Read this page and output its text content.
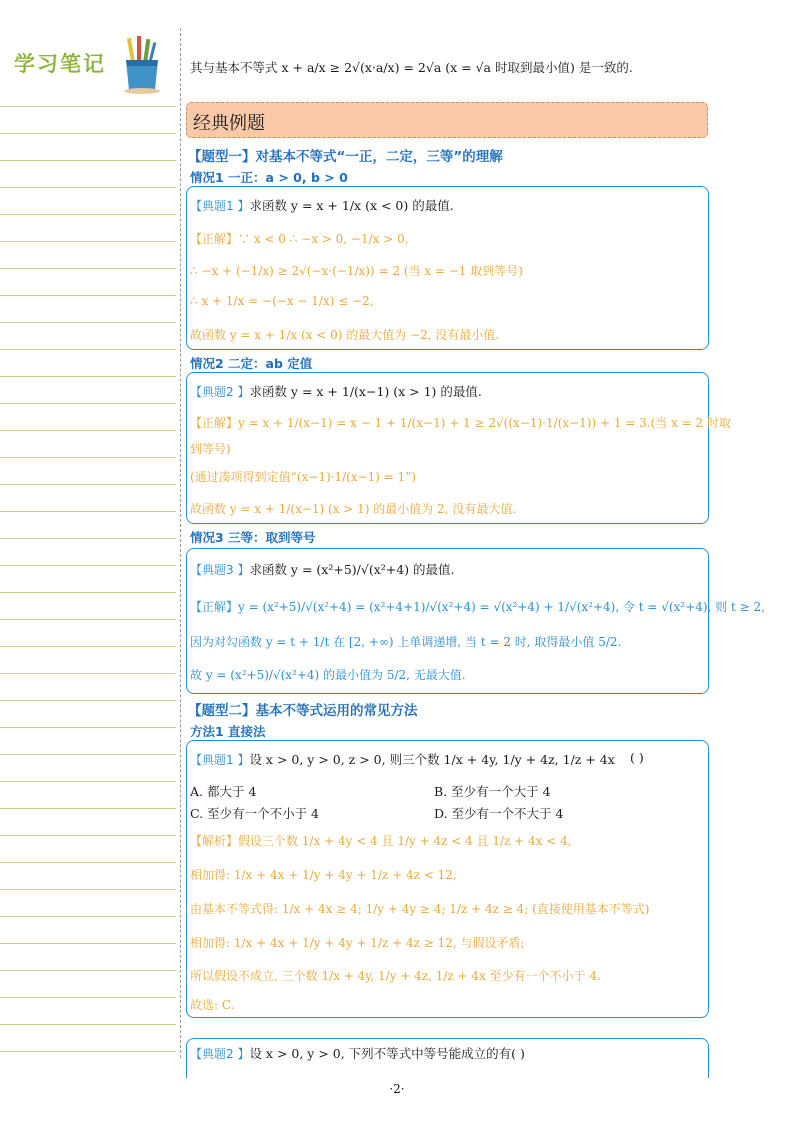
学习笔记	其与基本不等式 x + a/x ≥ 2√(x·a/x) = 2√a (x = √a 时取到最小值) 是一致的.
经典例题
【题型一】对基本不等式“一正，二定，三等”的理解
情况1 一正：a > 0, b > 0
【典题1 】求函数 y = x + 1/x (x < 0) 的最值.
【正解】∵ x < 0 ∴ −x > 0, −1/x > 0,
∴ −x + (−1/x) ≥ 2√(−x·(−1/x)) = 2 (当 x = −1 取到等号)
∴ x + 1/x = −(−x − 1/x) ≤ −2,
故函数 y = x + 1/x (x < 0) 的最大值为 −2, 没有最小值.
情况2 二定：ab 定值
【典题2 】求函数 y = x + 1/(x−1) (x > 1) 的最值.
【正解】y = x + 1/(x−1) = x − 1 + 1/(x−1) + 1 ≥ 2√((x−1)·1/(x−1)) + 1 = 3.(当 x = 2 时取
到等号)
(通过凑项得到定值“(x−1)·1/(x−1) = 1”)
故函数 y = x + 1/(x−1) (x > 1) 的最小值为 2, 没有最大值.
情况3 三等：取到等号
【典题3 】求函数 y = (x²+5)/√(x²+4) 的最值.
【正解】y = (x²+5)/√(x²+4) = (x²+4+1)/√(x²+4) = √(x²+4) + 1/√(x²+4), 令 t = √(x²+4), 则 t ≥ 2,
因为对勾函数 y = t + 1/t 在 [2, +∞) 上单调递增, 当 t = 2 时, 取得最小值 5/2.
故 y = (x²+5)/√(x²+4) 的最小值为 5/2, 无最大值.
【题型二】基本不等式运用的常见方法
方法1 直接法
【典题1 】设 x > 0, y > 0, z > 0, 则三个数 1/x + 4y, 1/y + 4z, 1/z + 4x ( )
A. 都大于 4	B. 至少有一个大于 4
C. 至少有一个不小于 4	D. 至少有一个不大于 4
【解析】假设三个数 1/x + 4y < 4 且 1/y + 4z < 4 且 1/z + 4x < 4,
相加得: 1/x + 4x + 1/y + 4y + 1/z + 4z < 12,
由基本不等式得: 1/x + 4x ≥ 4; 1/y + 4y ≥ 4; 1/z + 4z ≥ 4; (直接使用基本不等式)
相加得: 1/x + 4x + 1/y + 4y + 1/z + 4z ≥ 12, 与假设矛盾;
所以假设不成立, 三个数 1/x + 4y, 1/y + 4z, 1/z + 4x 至少有一个不小于 4.
故选: C.
【典题2 】设 x > 0, y > 0, 下列不等式中等号能成立的有( )
·2·
